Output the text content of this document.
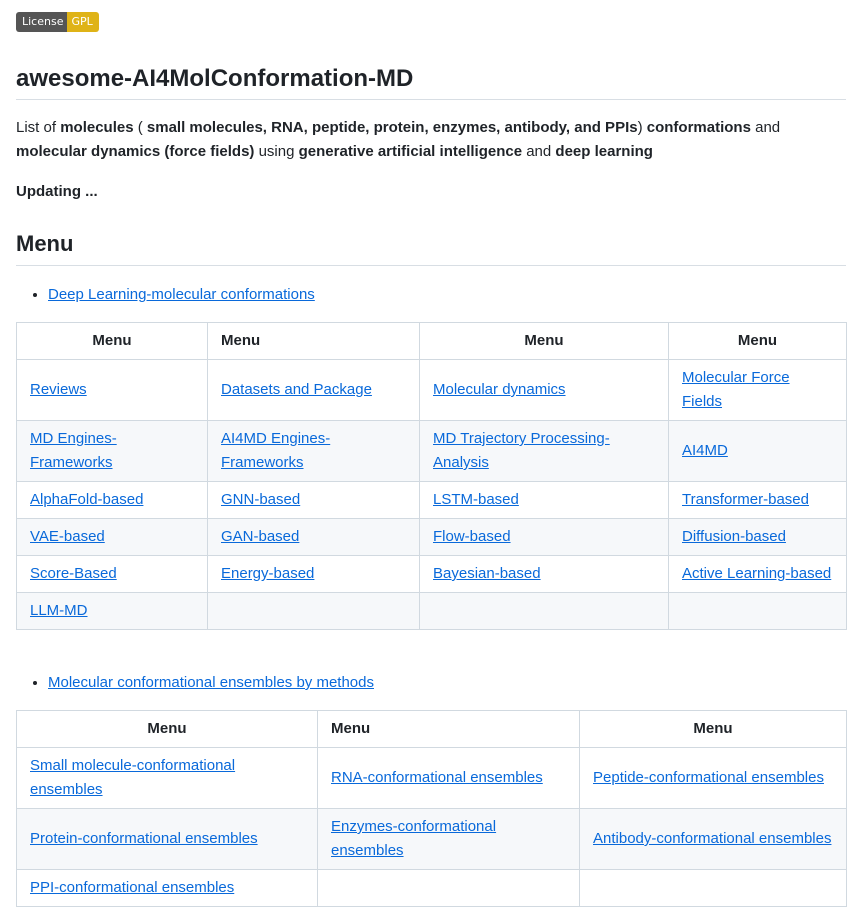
License GPL
awesome-AI4MolConformation-MD

List of molecules ( small molecules, RNA, peptide, protein, enzymes, antibody, and PPIs) conformations and molecular dynamics (force fields) using generative artificial intelligence and deep learning

Updating ...

Menu
• Deep Learning-molecular conformations
Menu	Menu	Menu	Menu
Reviews	Datasets and Package	Molecular dynamics	Molecular Force Fields
MD Engines-Frameworks	AI4MD Engines-Frameworks	MD Trajectory Processing-Analysis	AI4MD
AlphaFold-based	GNN-based	LSTM-based	Transformer-based
VAE-based	GAN-based	Flow-based	Diffusion-based
Score-Based	Energy-based	Bayesian-based	Active Learning-based
LLM-MD			
• Molecular conformational ensembles by methods
Menu	Menu	Menu
Small molecule-conformational ensembles	RNA-conformational ensembles	Peptide-conformational ensembles
Protein-conformational ensembles	Enzymes-conformational ensembles	Antibody-conformational ensembles
PPI-conformational ensembles		
